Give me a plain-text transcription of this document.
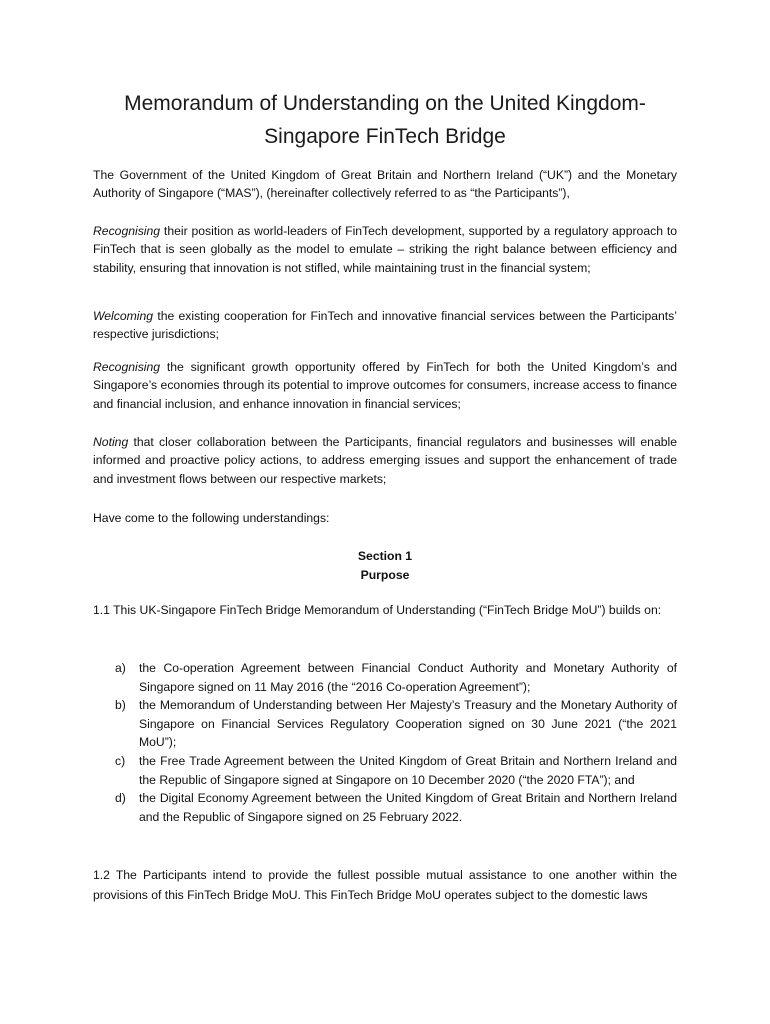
Memorandum of Understanding on the United Kingdom-
Singapore FinTech Bridge

The Government of the United Kingdom of Great Britain and Northern Ireland (“UK”) and the Monetary Authority of Singapore (“MAS”), (hereinafter collectively referred to as “the Participants”),

Recognising their position as world-leaders of FinTech development, supported by a regulatory approach to FinTech that is seen globally as the model to emulate – striking the right balance between efficiency and stability, ensuring that innovation is not stifled, while maintaining trust in the financial system;

Welcoming the existing cooperation for FinTech and innovative financial services between the Participants’ respective jurisdictions;

Recognising the significant growth opportunity offered by FinTech for both the United Kingdom’s and Singapore’s economies through its potential to improve outcomes for consumers, increase access to finance and financial inclusion, and enhance innovation in financial services;

Noting that closer collaboration between the Participants, financial regulators and businesses will enable informed and proactive policy actions, to address emerging issues and support the enhancement of trade and investment flows between our respective markets;

Have come to the following understandings:

Section 1
Purpose

1.1 This UK-Singapore FinTech Bridge Memorandum of Understanding (“FinTech Bridge MoU”) builds on:

a) the Co-operation Agreement between Financial Conduct Authority and Monetary Authority of Singapore signed on 11 May 2016 (the “2016 Co-operation Agreement”);
b) the Memorandum of Understanding between Her Majesty’s Treasury and the Monetary Authority of Singapore on Financial Services Regulatory Cooperation signed on 30 June 2021 (“the 2021 MoU”);
c) the Free Trade Agreement between the United Kingdom of Great Britain and Northern Ireland and the Republic of Singapore signed at Singapore on 10 December 2020 (“the 2020 FTA”); and
d) the Digital Economy Agreement between the United Kingdom of Great Britain and Northern Ireland and the Republic of Singapore signed on 25 February 2022.

1.2 The Participants intend to provide the fullest possible mutual assistance to one another within the provisions of this FinTech Bridge MoU. This FinTech Bridge MoU operates subject to the domestic laws
